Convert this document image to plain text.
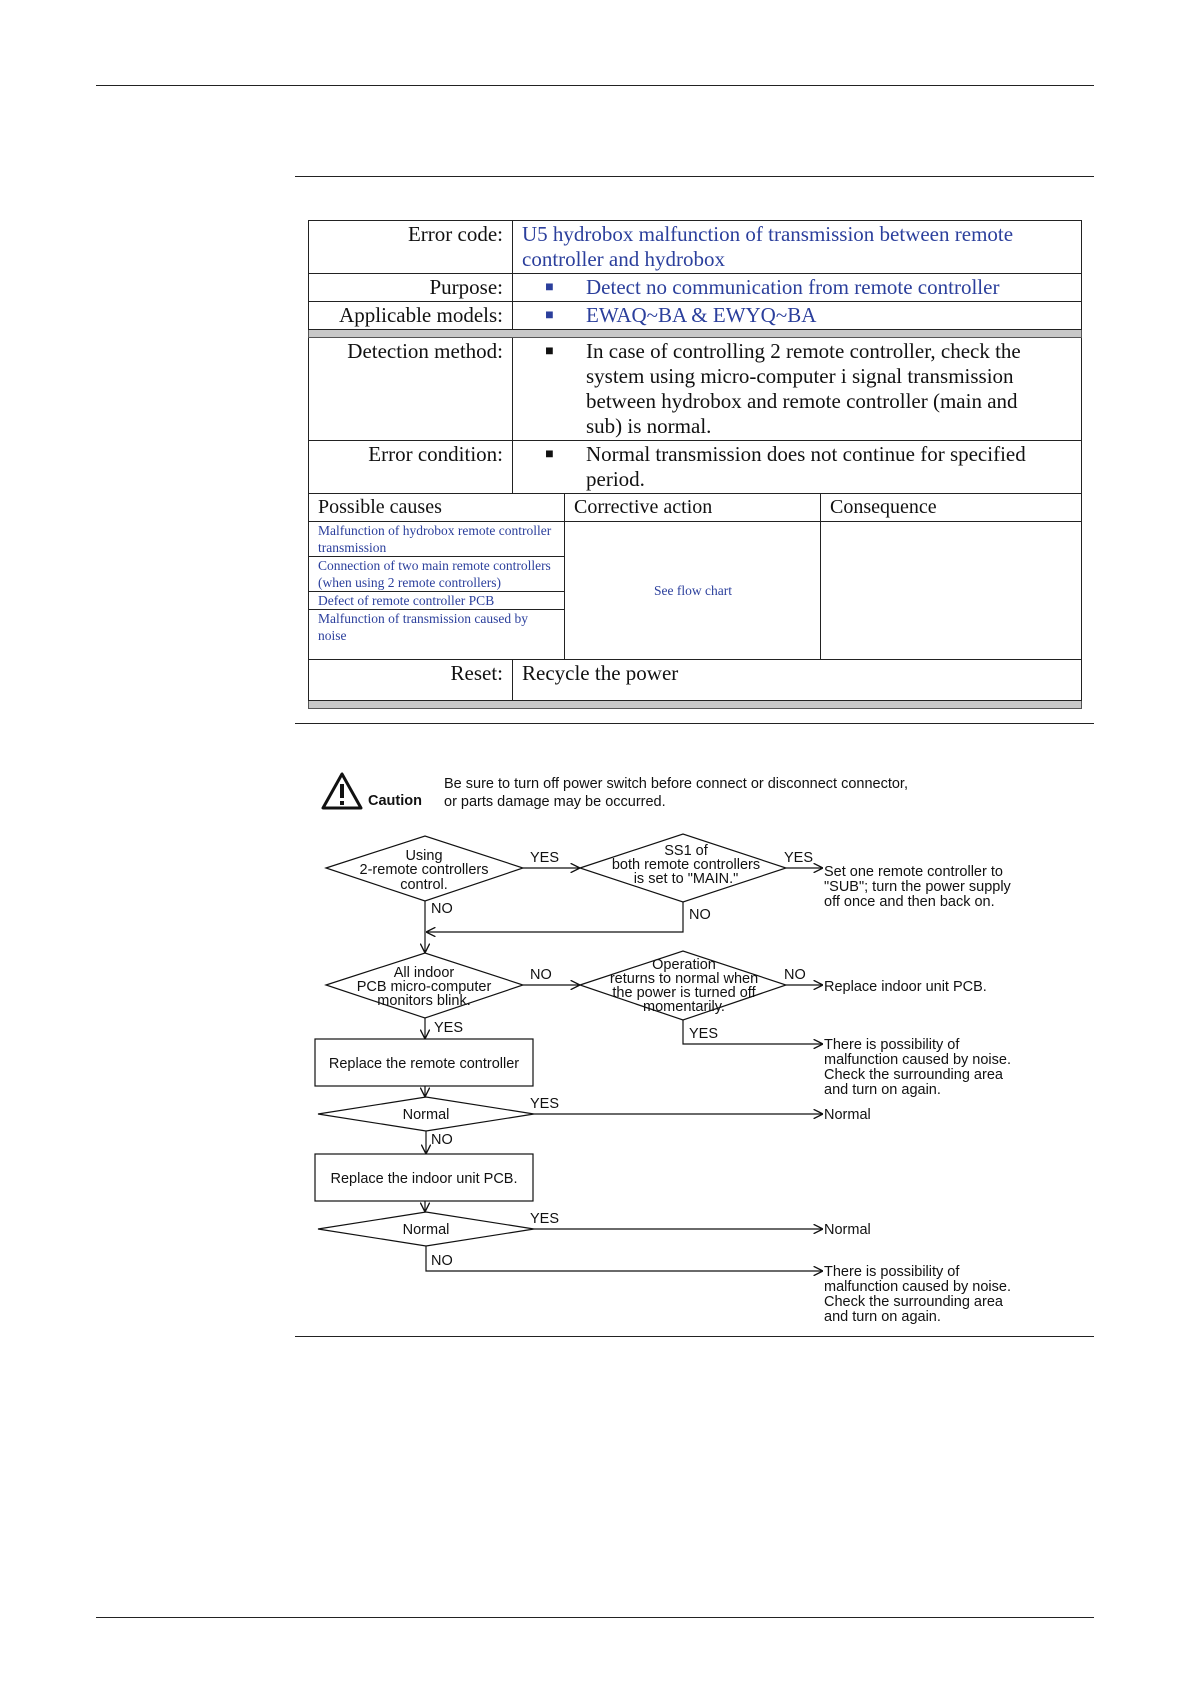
Error code:	U5 hydrobox malfunction of transmission between remote controller and hydrobox		
Purpose:	■ Detect no communication from remote controller		
Applicable models:	■ EWAQ~BA & EWYQ~BA		

Detection method:	■ In case of controlling 2 remote controller, check the system using micro-computer i signal transmission between hydrobox and remote controller (main and sub) is normal.		
Error condition:	■ Normal transmission does not continue for specified period.		
Possible causes		Corrective action	Consequence

Malfunction of hydrobox remote controller transmission
Connection of two main remote controllers (when using 2 remote controllers)
Defect of remote controller PCB
Malfunction of transmission caused by noise		See flow chart	
Reset:	Recycle the power		

Caution
Be sure to turn off power switch before connect or disconnect connector,
or parts damage may be occurred.
Using
2-remote controllers
control.
SS1 of
both remote controllers
is set to "MAIN."	Set one remote controller to
"SUB"; turn the power supply
off once and then back on.
All indoor
PCB micro-computer
monitors blink.
Operation
returns to normal when
the power is turned off
momentarily.
Replace indoor unit PCB.
There is possibility of
malfunction caused by noise.
Check the surrounding area
and turn on again.
Replace the remote controller
Normal	Normal
Replace the indoor unit PCB.
Normal	Normal
There is possibility of
malfunction caused by noise.
Check the surrounding area
and turn on again.
YES	YES
NO	NO
NO	NO
YES	YES
YES
NO
YES
NO
